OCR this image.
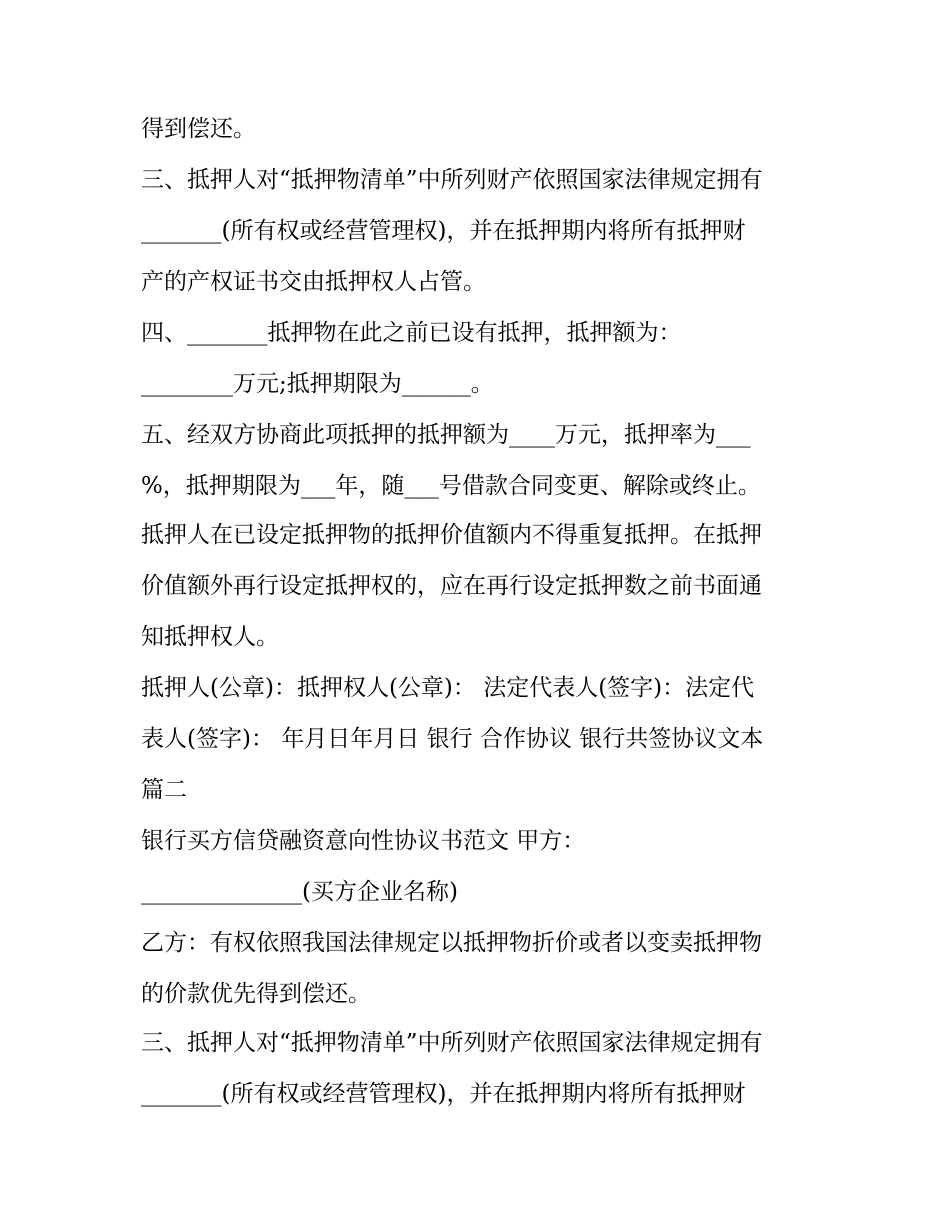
得到偿还。
三、抵押人对“抵押物清单”中所列财产依照国家法律规定拥有
_______(所有权或经营管理权)，并在抵押期内将所有抵押财
产的产权证书交由抵押权人占管。
四、_______抵押物在此之前已设有抵押，抵押额为：
________万元;抵押期限为______。
五、经双方协商此项抵押的抵押额为____万元，抵押率为___
%，抵押期限为___年，随___号借款合同变更、解除或终止。
抵押人在已设定抵押物的抵押价值额内不得重复抵押。在抵押
价值额外再行设定抵押权的，应在再行设定抵押数之前书面通
知抵押权人。
抵押人(公章)：抵押权人(公章)： 法定代表人(签字)：法定代
表人(签字)： 年月日年月日 银行 合作协议 银行共签协议文本
篇二
银行买方信贷融资意向性协议书范文 甲方：
______________(买方企业名称)
乙方：有权依照我国法律规定以抵押物折价或者以变卖抵押物
的价款优先得到偿还。
三、抵押人对“抵押物清单”中所列财产依照国家法律规定拥有
_______(所有权或经营管理权)，并在抵押期内将所有抵押财
